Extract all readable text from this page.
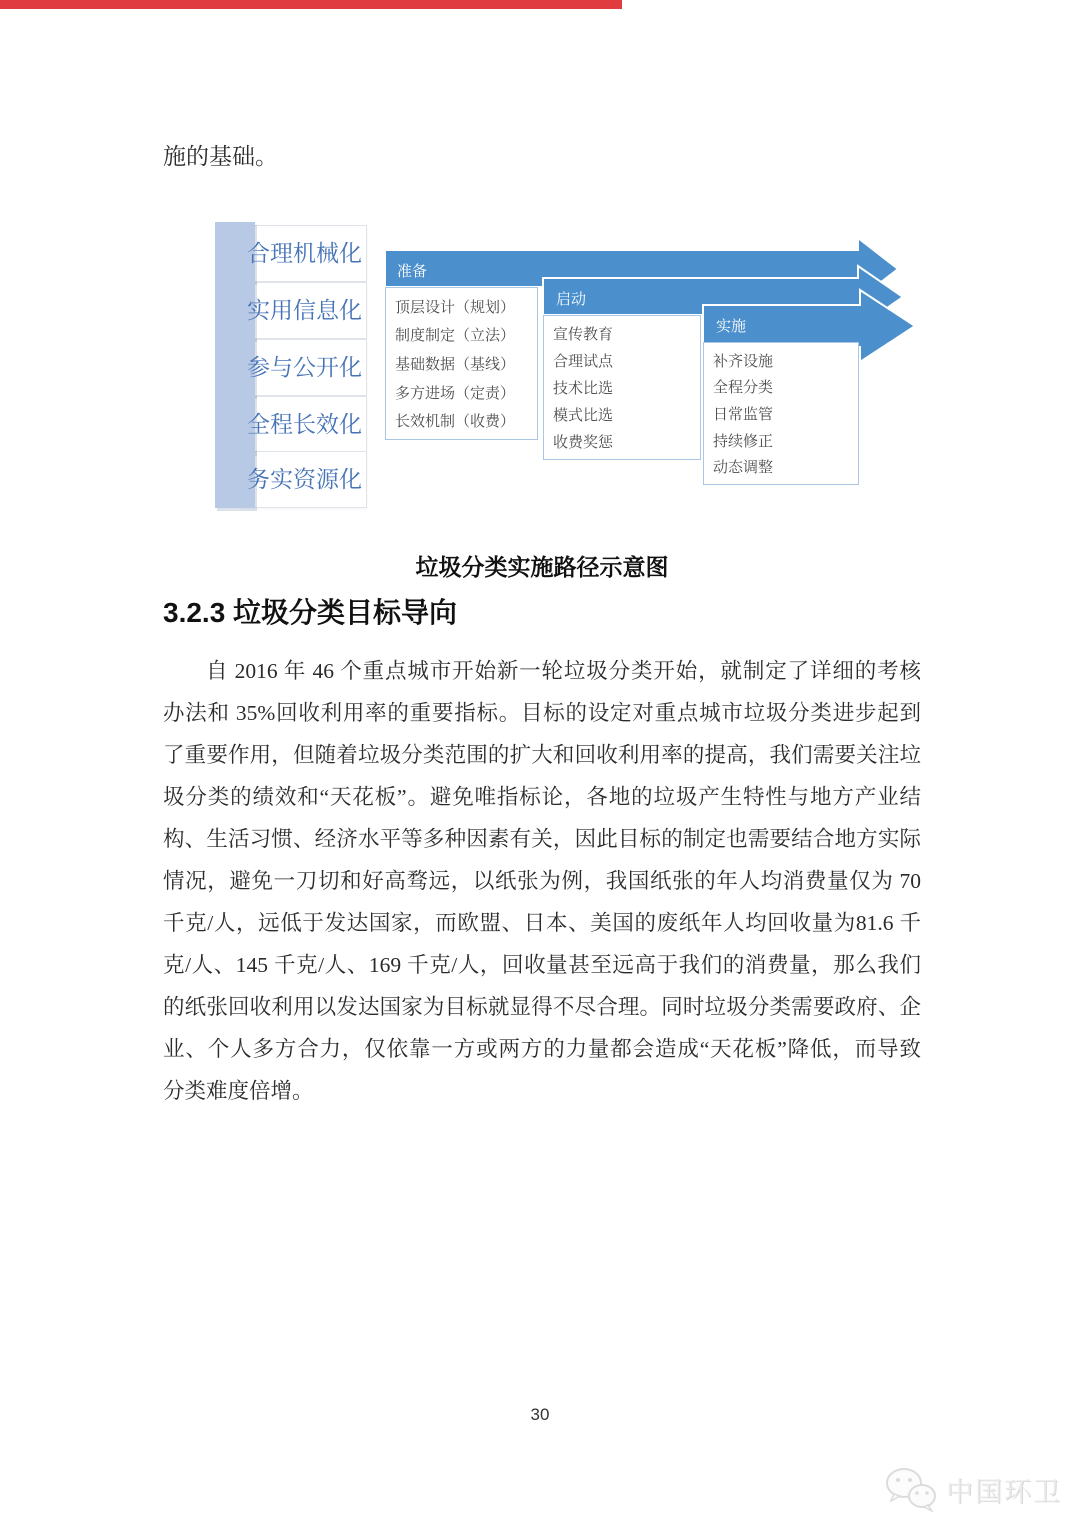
施的基础。
合理机械化
实用信息化
参与公开化
全程长效化
务实资源化
准备
启动
实施
顶层设计（规划）
制度制定（立法）
基础数据（基线）
多方进场（定责）
长效机制（收费）
宣传教育
合理试点
技术比选
模式比选
收费奖惩
补齐设施
全程分类
日常监管
持续修正
动态调整
垃圾分类实施路径示意图
3.2.3 垃圾分类目标导向
自 2016 年 46 个重点城市开始新一轮垃圾分类开始，就制定了详细的考核
办法和 35%回收利用率的重要指标。目标的设定对重点城市垃圾分类进步起到
了重要作用，但随着垃圾分类范围的扩大和回收利用率的提高，我们需要关注垃
圾分类的绩效和“天花板”。避免唯指标论，各地的垃圾产生特性与地方产业结
构、生活习惯、经济水平等多种因素有关，因此目标的制定也需要结合地方实际
情况，避免一刀切和好高骛远，以纸张为例，我国纸张的年人均消费量仅为 70
千克/人，远低于发达国家，而欧盟、日本、美国的废纸年人均回收量为81.6 千
克/人、145 千克/人、169 千克/人，回收量甚至远高于我们的消费量，那么我们
的纸张回收利用以发达国家为目标就显得不尽合理。同时垃圾分类需要政府、企
业、个人多方合力，仅依靠一方或两方的力量都会造成“天花板”降低，而导致
分类难度倍增。
30
中国环卫
